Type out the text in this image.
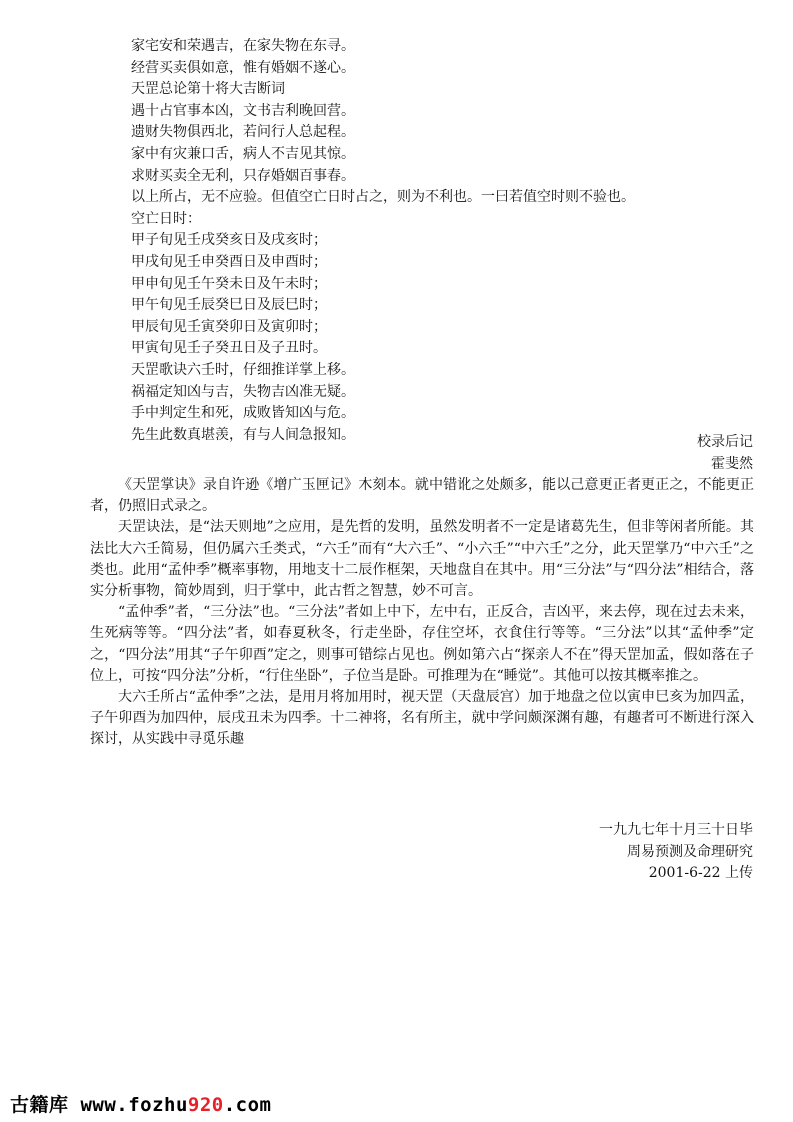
家宅安和荣遇吉，在家失物在东寻。
经营买卖俱如意，惟有婚姻不遂心。
天罡总论第十将大吉断词
遇十占官事本凶，文书吉利晚回营。
遗财失物俱西北，若问行人总起程。
家中有灾兼口舌，病人不吉见其惊。
求财买卖全无利，只存婚姻百事春。
以上所占，无不应验。但值空亡日时占之，则为不利也。一曰若值空时则不验也。
空亡日时：
甲子旬见壬戌癸亥日及戌亥时；
甲戌旬见壬申癸酉日及申酉时；
甲申旬见壬午癸未日及午未时；
甲午旬见壬辰癸巳日及辰巳时；
甲辰旬见壬寅癸卯日及寅卯时；
甲寅旬见壬子癸丑日及子丑时。
天罡歌诀六壬时，仔细推详掌上移。
祸福定知凶与吉，失物吉凶准无疑。
手中判定生和死，成败皆知凶与危。
先生此数真堪羡，有与人间急报知。	校录后记
霍斐然

《天罡掌诀》录自许逊《增广玉匣记》木刻本。就中错讹之处颇多，能以己意更正者更正之，不能更正者，仍照旧式录之。

天罡诀法，是“法天则地”之应用，是先哲的发明，虽然发明者不一定是诸葛先生，但非等闲者所能。其法比大六壬简易，但仍属六壬类式，“六壬”而有“大六壬”、“小六壬”“中六壬”之分，此天罡掌乃“中六壬”之类也。此用“孟仲季”概率事物，用地支十二辰作框架，天地盘自在其中。用“三分法”与“四分法”相结合，落实分析事物，简妙周到，归于掌中，此古哲之智慧，妙不可言。

“孟仲季”者，“三分法”也。“三分法”者如上中下，左中右，正反合，吉凶平，来去停，现在过去未来，生死病等等。“四分法”者，如春夏秋冬，行走坐卧，存住空坏，衣食住行等等。“三分法”以其“孟仲季”定之，“四分法”用其“子午卯酉”定之，则事可错综占见也。例如第六占“探亲人不在”得天罡加孟，假如落在子位上，可按“四分法”分析，“行住坐卧”，子位当是卧。可推理为在“睡觉”。其他可以按其概率推之。

大六壬所占“孟仲季”之法，是用月将加用时，视天罡（天盘辰宫）加于地盘之位以寅申巳亥为加四孟，子午卯酉为加四仲，辰戌丑未为四季。十二神将，名有所主，就中学问颇深渊有趣，有趣者可不断进行深入探讨，从实践中寻觅乐趣

一九九七年十月三十日毕
周易预测及命理研究
2001-6-22 上传
古籍库 www.fozhu920.com
